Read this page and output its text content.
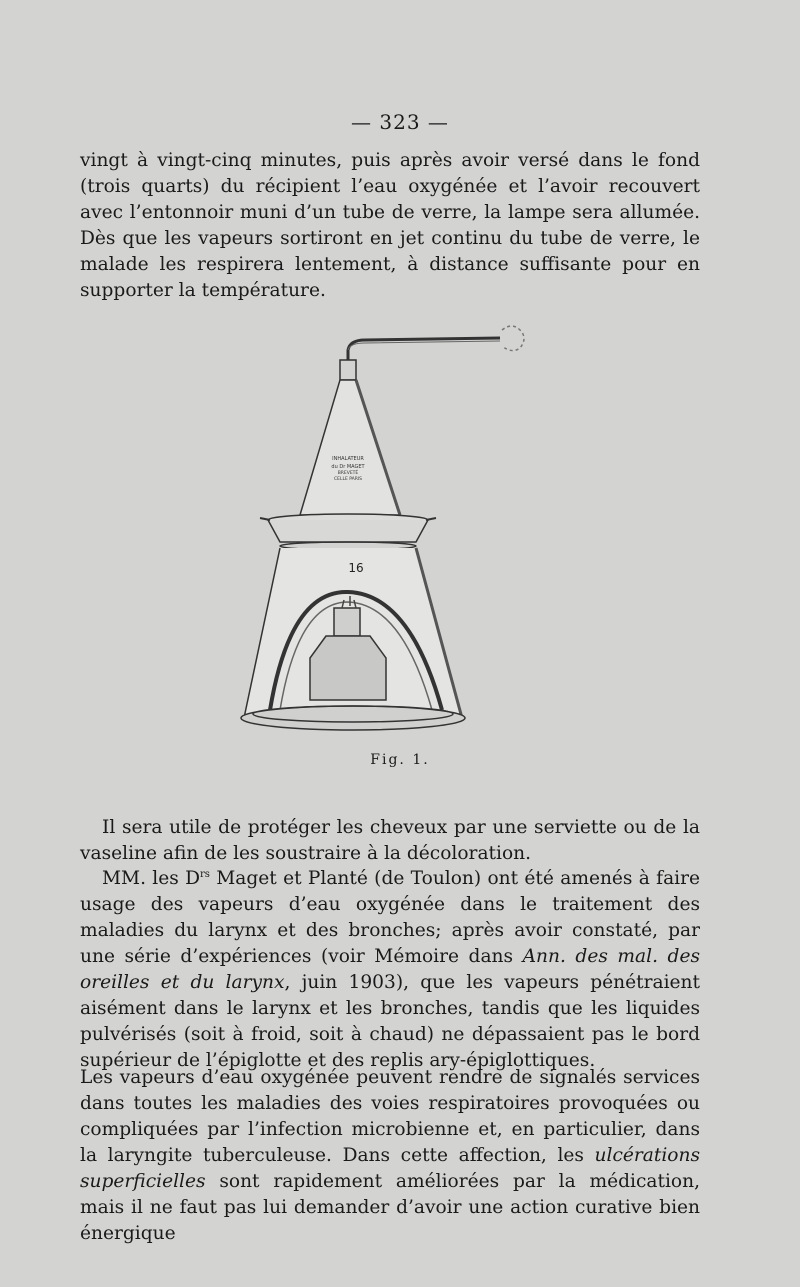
— 323 —

vingt à vingt-cinq minutes, puis après avoir versé dans le fond (trois quarts) du récipient l’eau oxygénée et l’avoir recouvert avec l’entonnoir muni d’un tube de verre, la lampe sera allumée. Dès que les vapeurs sortiront en jet continu du tube de verre, le malade les respirera lentement, à distance suffisante pour en supporter la température.

INHALATEUR
du Dr MAGET
BREVETÉ
CELLE PARIS
16
Fig. 1.

Il sera utile de protéger les cheveux par une serviette ou de la vaseline afin de les soustraire à la décoloration.

MM. les $D^{rs}$ Maget et Planté (de Toulon) ont été amenés à faire usage des vapeurs d’eau oxygénée dans le traitement des maladies du larynx et des bronches; après avoir constaté, par une série d’expériences (voir Mémoire dans Ann. des mal. des oreilles et du larynx, juin 1903), que les vapeurs pénétraient aisément dans le larynx et les bronches, tandis que les liquides pulvérisés (soit à froid, soit à chaud) ne dépassaient pas le bord supérieur de l’épiglotte et des replis ary-épiglottiques.

Les vapeurs d’eau oxygénée peuvent rendre de signalés services dans toutes les maladies des voies respiratoires provoquées ou compliquées par l’infection microbienne et, en particulier, dans la laryngite tuberculeuse. Dans cette affection, les ulcérations superficielles sont rapidement améliorées par la médication, mais il ne faut pas lui demander d’avoir une action curative bien énergique
